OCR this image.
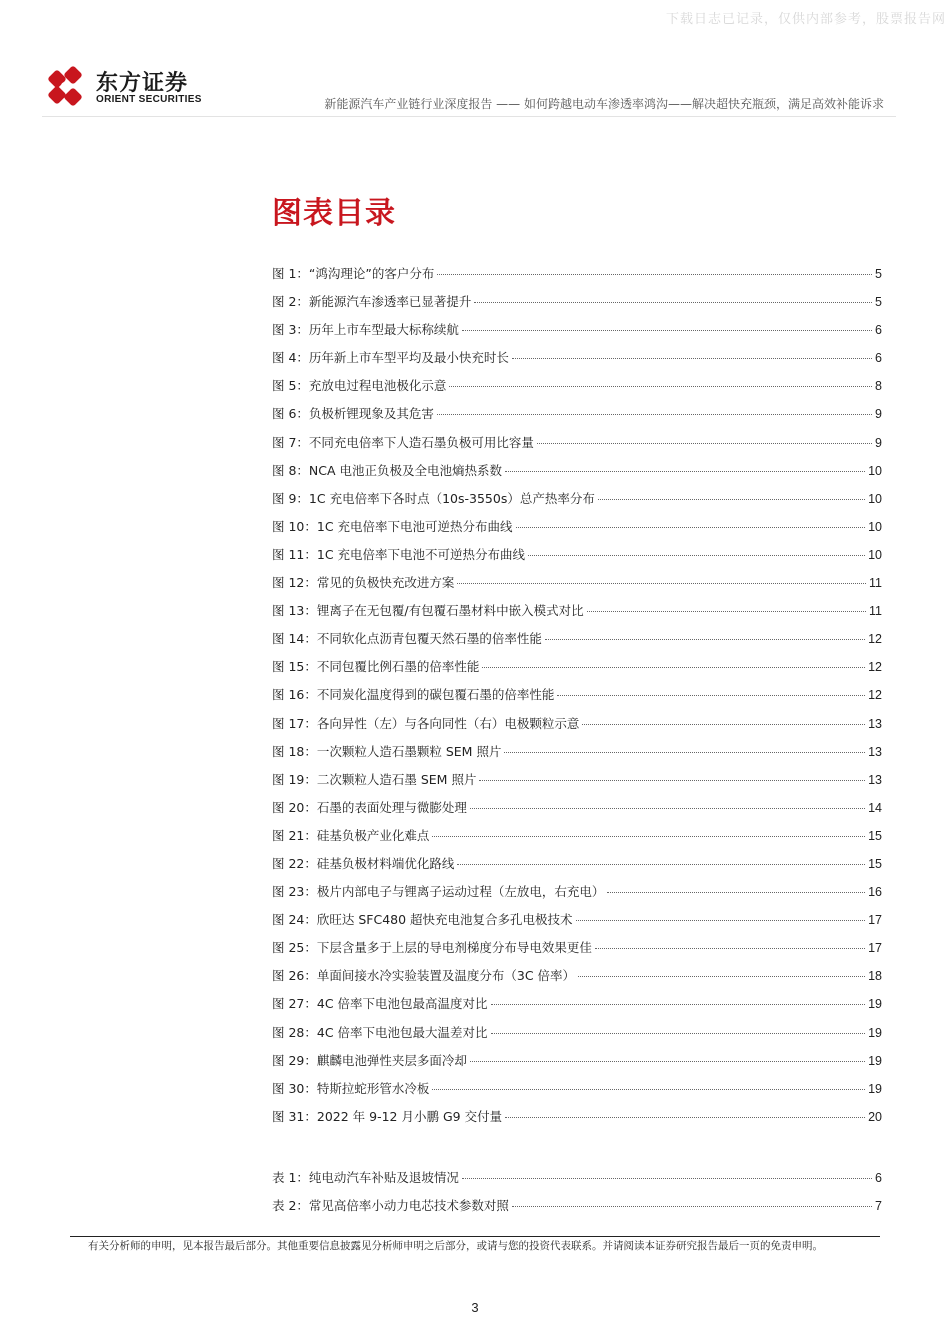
下载日志已记录，仅供内部参考，股票报告网
东方证券
ORIENT SECURITIES	新能源汽车产业链行业深度报告 —— 如何跨越电动车渗透率鸿沟——解决超快充瓶颈，满足高效补能诉求
图表目录
图 1：“鸿沟理论”的客户分布	5
图 2：新能源汽车渗透率已显著提升	5
图 3：历年上市车型最大标称续航	6
图 4：历年新上市车型平均及最小快充时长	6
图 5：充放电过程电池极化示意	8
图 6：负极析锂现象及其危害	9
图 7：不同充电倍率下人造石墨负极可用比容量	9
图 8：NCA 电池正负极及全电池熵热系数	10
图 9：1C 充电倍率下各时点（10s-3550s）总产热率分布	10
图 10：1C 充电倍率下电池可逆热分布曲线	10
图 11：1C 充电倍率下电池不可逆热分布曲线	10
图 12：常见的负极快充改进方案	11
图 13：锂离子在无包覆/有包覆石墨材料中嵌入模式对比	11
图 14：不同软化点沥青包覆天然石墨的倍率性能	12
图 15：不同包覆比例石墨的倍率性能	12
图 16：不同炭化温度得到的碳包覆石墨的倍率性能	12
图 17：各向异性（左）与各向同性（右）电极颗粒示意	13
图 18：一次颗粒人造石墨颗粒 SEM 照片	13
图 19：二次颗粒人造石墨 SEM 照片	13
图 20：石墨的表面处理与微膨处理	14
图 21：硅基负极产业化难点	15
图 22：硅基负极材料端优化路线	15
图 23：极片内部电子与锂离子运动过程（左放电，右充电）	16
图 24：欣旺达 SFC480 超快充电池复合多孔电极技术	17
图 25：下层含量多于上层的导电剂梯度分布导电效果更佳	17
图 26：单面间接水冷实验装置及温度分布（3C 倍率）	18
图 27：4C 倍率下电池包最高温度对比	19
图 28：4C 倍率下电池包最大温差对比	19
图 29：麒麟电池弹性夹层多面冷却	19
图 30：特斯拉蛇形管水冷板	19
图 31：2022 年 9-12 月小鹏 G9 交付量	20
表 1：纯电动汽车补贴及退坡情况	6
表 2：常见高倍率小动力电芯技术参数对照	7
有关分析师的申明，见本报告最后部分。其他重要信息披露见分析师申明之后部分，或请与您的投资代表联系。并请阅读本证券研究报告最后一页的免责申明。
3
